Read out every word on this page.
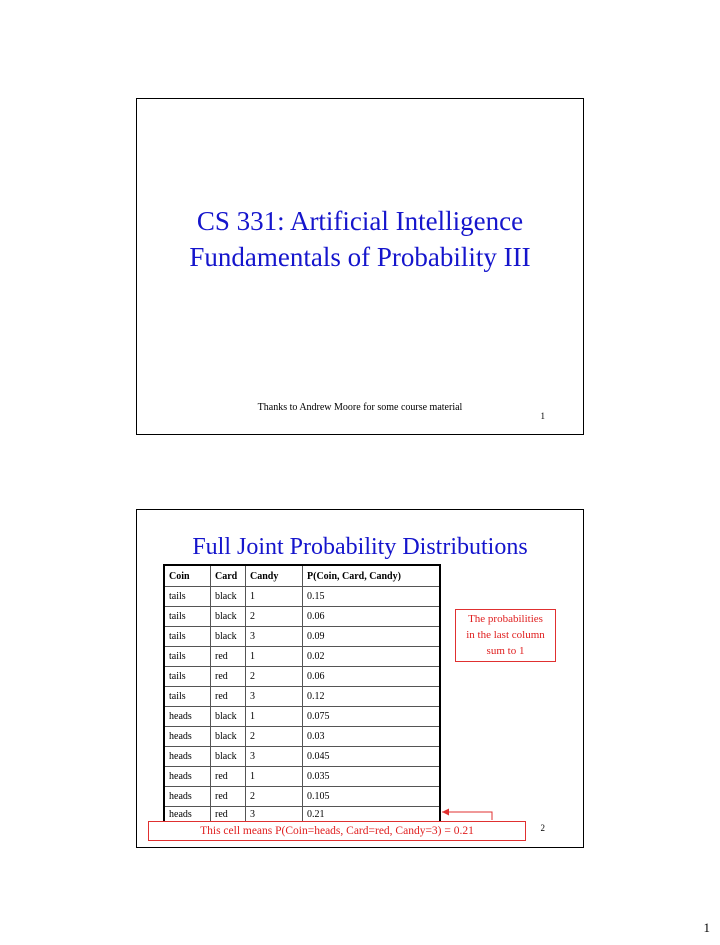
CS 331: Artificial Intelligence
Fundamentals of Probability III
Thanks to Andrew Moore for some course material
1
Full Joint Probability Distributions
Coin	Card	Candy	P(Coin, Card, Candy)
tails	black	1	0.15
tails	black	2	0.06
tails	black	3	0.09
tails	red	1	0.02
tails	red	2	0.06
tails	red	3	0.12
heads	black	1	0.075
heads	black	2	0.03
heads	black	3	0.045
heads	red	1	0.035
heads	red	2	0.105
heads	red	3	0.21
The probabilities
in the last column
sum to 1
This cell means P(Coin=heads, Card=red, Candy=3) = 0.21	2
1
